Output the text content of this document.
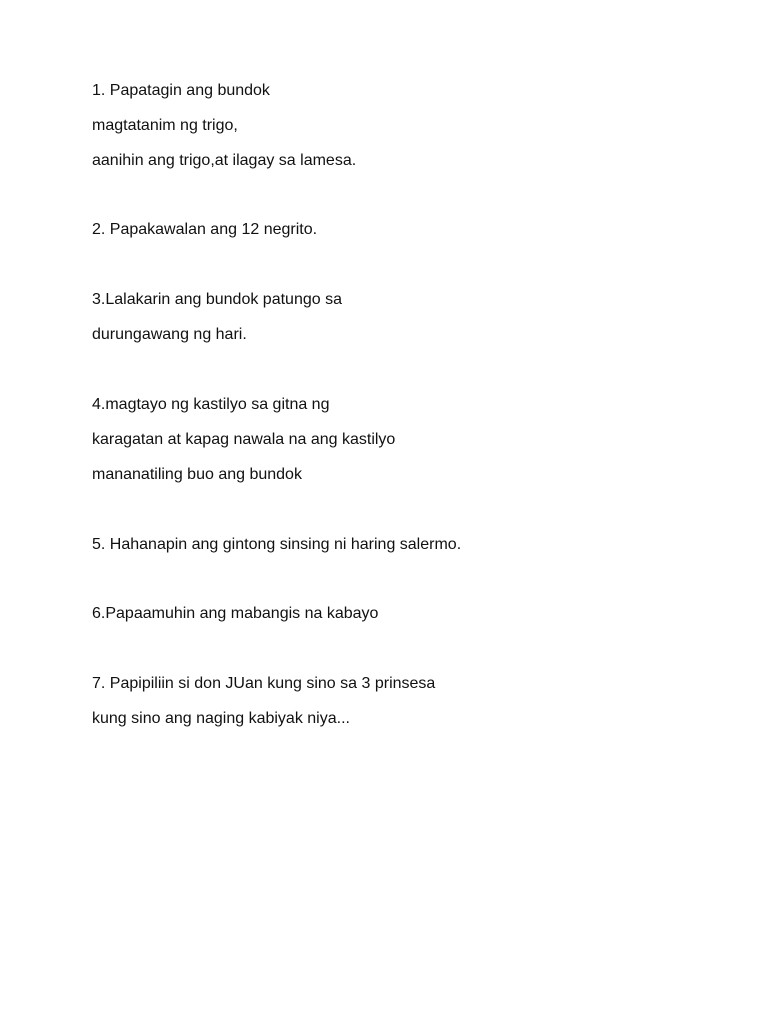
1. Papatagin ang bundok

magtatanim ng trigo,

aanihin ang trigo,at ilagay sa lamesa.

2. Papakawalan ang 12 negrito.

3.Lalakarin ang bundok patungo sa

durungawang ng hari.

4.magtayo ng kastilyo sa gitna ng

karagatan at kapag nawala na ang kastilyo

mananatiling buo ang bundok

5. Hahanapin ang gintong sinsing ni haring salermo.

6.Papaamuhin ang mabangis na kabayo

7. Papipiliin si don JUan kung sino sa 3 prinsesa

kung sino ang naging kabiyak niya...
